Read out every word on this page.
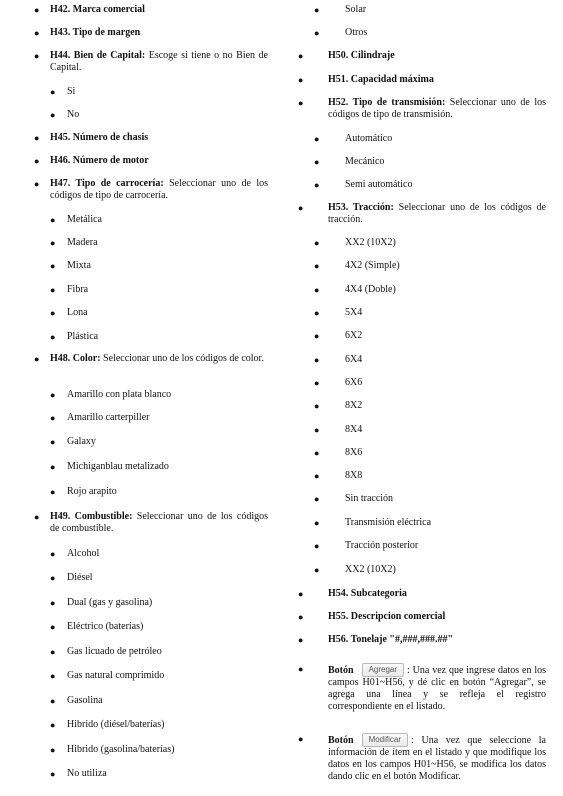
● H42. Marca comercial
● H43. Tipo de margen
● H44. Bien de Capital: Escoge si tiene o no Bien de Capital.
● Si
● No
● H45. Número de chasis
● H46. Número de motor
● H47. Tipo de carrocería: Seleccionar uno de los códigos de tipo de carrocería.
● Metálica
● Madera
● Mixta
● Fibra
● Lona
● Plástica
● H48. Color: Seleccionar uno de los códigos de color.
● Amarillo con plata blanco
● Amarillo carterpiller
● Galaxy
● Michiganblau metalizado
● Rojo arapito
● H49. Combustible: Seleccionar uno de los códigos de combustible.
● Alcohol
● Diésel
● Dual (gas y gasolina)
● Eléctrico (baterías)
● Gas licuado de petróleo
● Gas natural comprimido
● Gasolina
● Hibrido (diésel/baterías)
● Hibrido (gasolina/baterías)
● No utiliza
●	Solar
●	Otros
● H50. Cilindraje
● H51. Capacidad máxima
● H52. Tipo de transmisión: Seleccionar uno de los códigos de tipo de transmisión.
●	Automático
●	Mecánico
●	Semi automático
● H53. Tracción: Seleccionar uno de los códigos de tracción.
●	XX2 (10X2)
●	4X2 (Simple)
●	4X4 (Doble)
●	5X4
●	6X2
●	6X4
●	6X6
●	8X2
●	8X4
●	8X6
●	8X8
●	Sin tracción
●	Transmisión eléctrica
●	Tracción posterior
●	XX2 (10X2)
● H54. Subcategoria
● H55. Descripcion comercial
● H56. Tonelaje "#,###,###.##"
● Botón Agregar : Una vez que ingrese datos en los campos H01~H56, y dé clic en botón “Agregar”, se agrega una línea y se refleja el registro correspondiente en el listado.
● Botón Modificar : Una vez que seleccione la información de ítem en el listado y que modifique los datos en los campos H01~H56, se modifica los datos dando clic en el botón Modificar.
